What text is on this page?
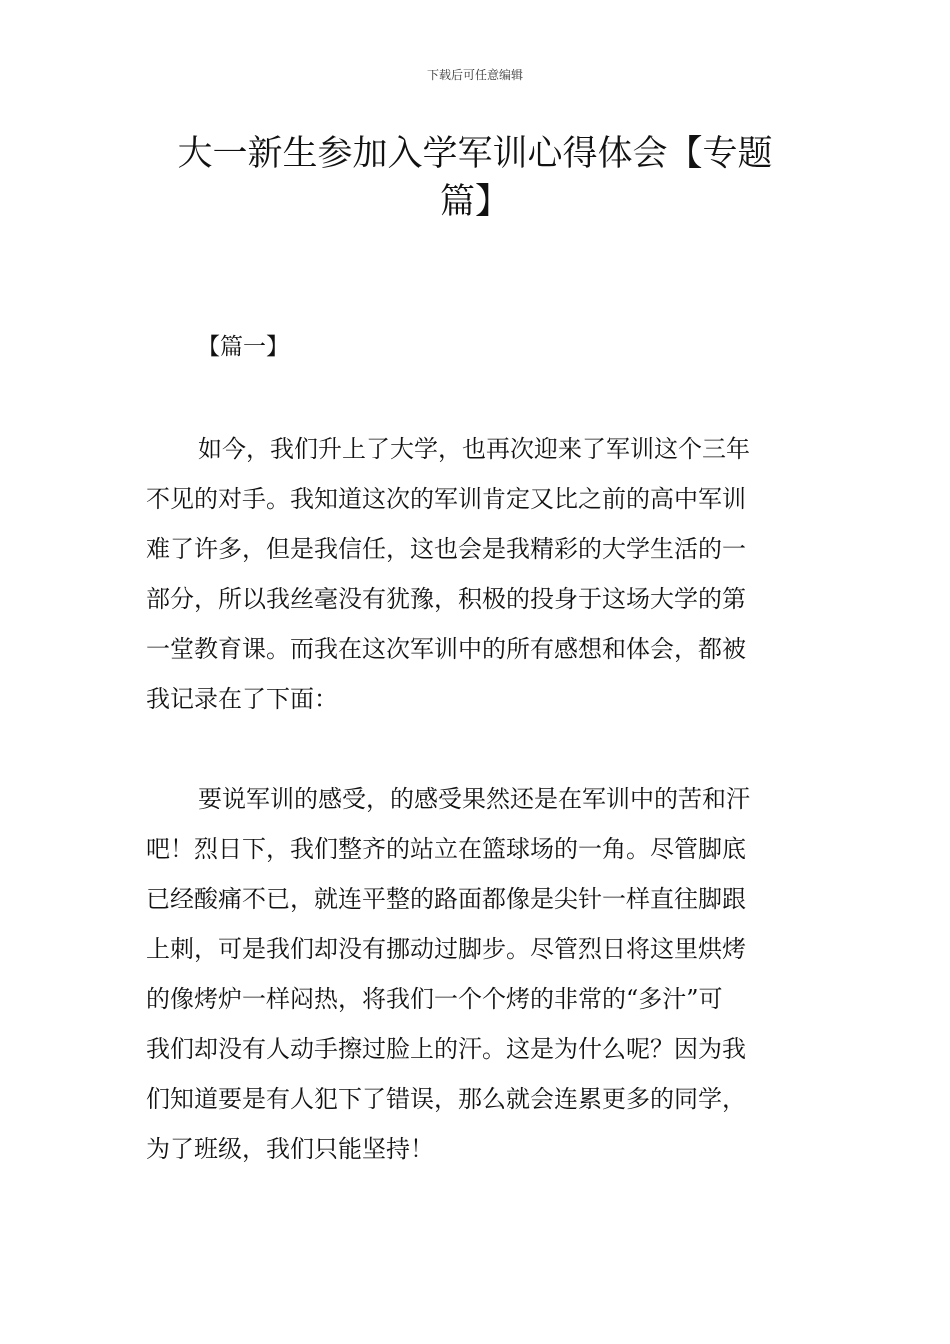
下载后可任意编辑
大一新生参加入学军训心得体会【专题
篇】
【篇一】
如今，我们升上了大学，也再次迎来了军训这个三年
不见的对手。我知道这次的军训肯定又比之前的高中军训
难了许多，但是我信任，这也会是我精彩的大学生活的一
部分，所以我丝毫没有犹豫，积极的投身于这场大学的第
一堂教育课。而我在这次军训中的所有感想和体会，都被
我记录在了下面：
要说军训的感受，的感受果然还是在军训中的苦和汗
吧！烈日下，我们整齐的站立在篮球场的一角。尽管脚底
已经酸痛不已，就连平整的路面都像是尖针一样直往脚跟
上刺，可是我们却没有挪动过脚步。尽管烈日将这里烘烤
的像烤炉一样闷热，将我们一个个烤的非常的“多汁”可
我们却没有人动手擦过脸上的汗。这是为什么呢？因为我
们知道要是有人犯下了错误，那么就会连累更多的同学，
为了班级，我们只能坚持！
